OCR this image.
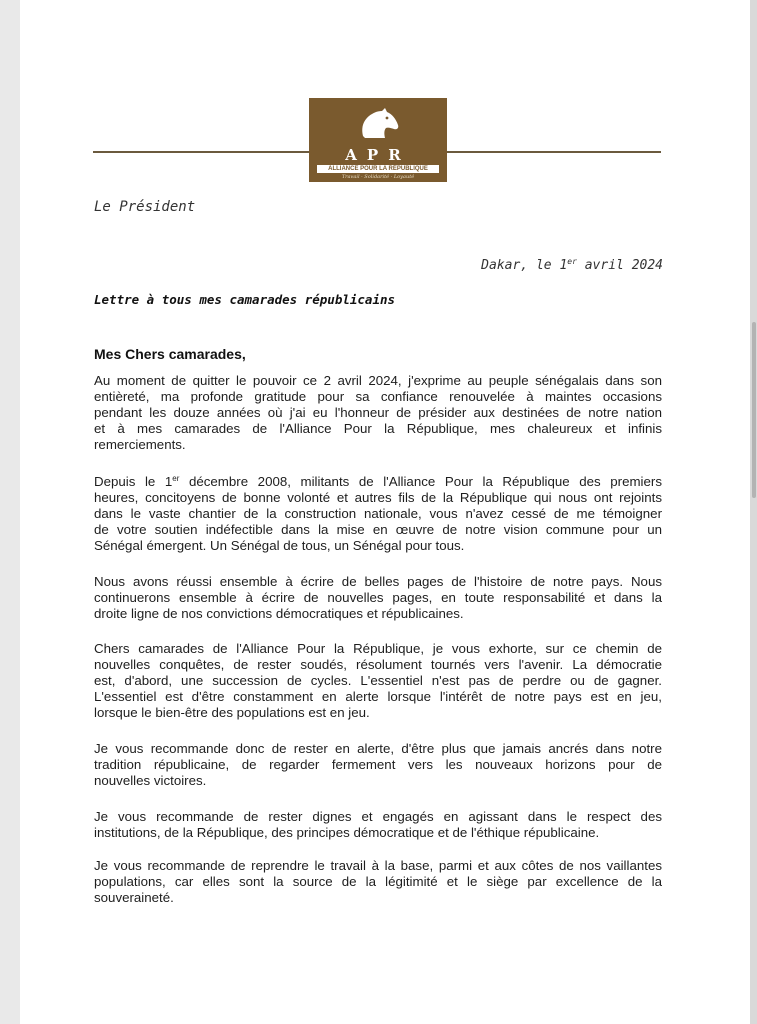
APR
ALLIANCE POUR LA RÉPUBLIQUE
Travail · Solidarité · Loyauté
Le Président
Dakar, le 1er avril 2024
Lettre à tous mes camarades républicains
Mes Chers camarades,
Au moment de quitter le pouvoir ce 2 avril 2024, j'exprime au peuple sénégalais dans son
entièreté, ma profonde gratitude pour sa confiance renouvelée à maintes occasions
pendant les douze années où j'ai eu l'honneur de présider aux destinées de notre nation
et à mes camarades de l'Alliance Pour la République, mes chaleureux et infinis
remerciements.
Depuis le 1er décembre 2008, militants de l'Alliance Pour la République des premiers
heures, concitoyens de bonne volonté et autres fils de la République qui nous ont rejoints
dans le vaste chantier de la construction nationale, vous n'avez cessé de me témoigner
de votre soutien indéfectible dans la mise en œuvre de notre vision commune pour un
Sénégal émergent. Un Sénégal de tous, un Sénégal pour tous.
Nous avons réussi ensemble à écrire de belles pages de l'histoire de notre pays. Nous
continuerons ensemble à écrire de nouvelles pages, en toute responsabilité et dans la
droite ligne de nos convictions démocratiques et républicaines.
Chers camarades de l'Alliance Pour la République, je vous exhorte, sur ce chemin de
nouvelles conquêtes, de rester soudés, résolument tournés vers l'avenir. La démocratie
est, d'abord, une succession de cycles. L'essentiel n'est pas de perdre ou de gagner.
L'essentiel est d'être constamment en alerte lorsque l'intérêt de notre pays est en jeu,
lorsque le bien-être des populations est en jeu.
Je vous recommande donc de rester en alerte, d'être plus que jamais ancrés dans notre
tradition républicaine, de regarder fermement vers les nouveaux horizons pour de
nouvelles victoires.
Je vous recommande de rester dignes et engagés en agissant dans le respect des
institutions, de la République, des principes démocratique et de l'éthique républicaine.
Je vous recommande de reprendre le travail à la base, parmi et aux côtes de nos vaillantes
populations, car elles sont la source de la légitimité et le siège par excellence de la
souveraineté.
